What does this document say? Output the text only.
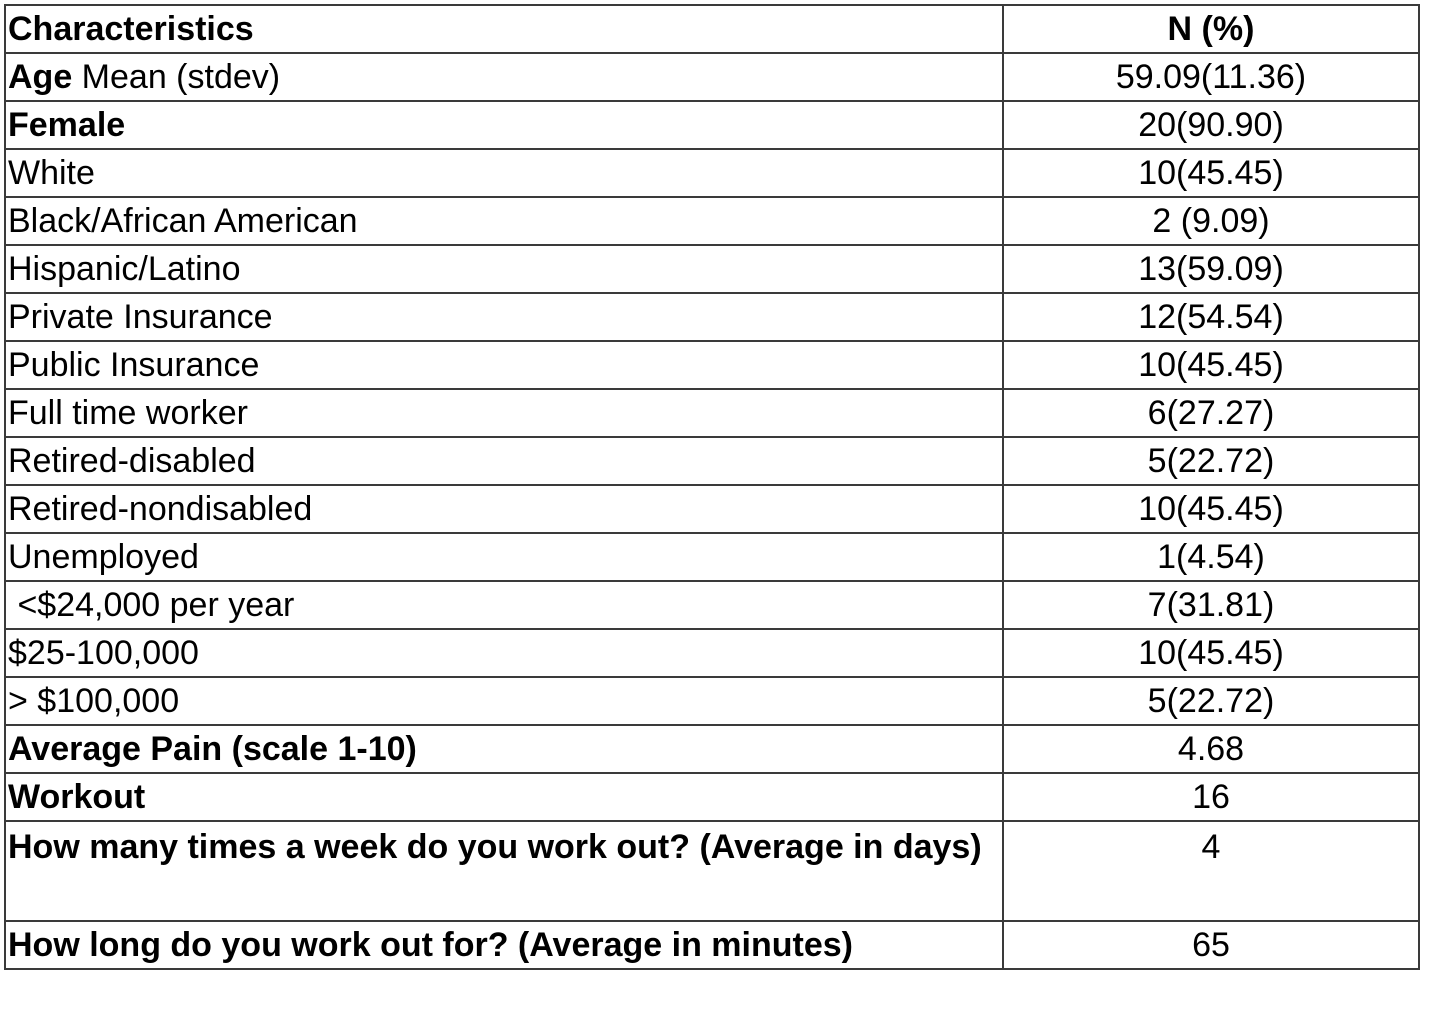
Characteristics	N (%)
Age Mean (stdev)	59.09(11.36)
Female	20(90.90)
White	10(45.45)
Black/African American	2 (9.09)
Hispanic/Latino	13(59.09)
Private Insurance	12(54.54)
Public Insurance	10(45.45)
Full time worker	6(27.27)
Retired-disabled	5(22.72)
Retired-nondisabled	10(45.45)
Unemployed	1(4.54)
<$24,000 per year	7(31.81)
$25-100,000	10(45.45)
> $100,000	5(22.72)
Average Pain (scale 1-10)	4.68
Workout	16
How many times a week do you work out? (Average in days)	4
How long do you work out for? (Average in minutes)	65
